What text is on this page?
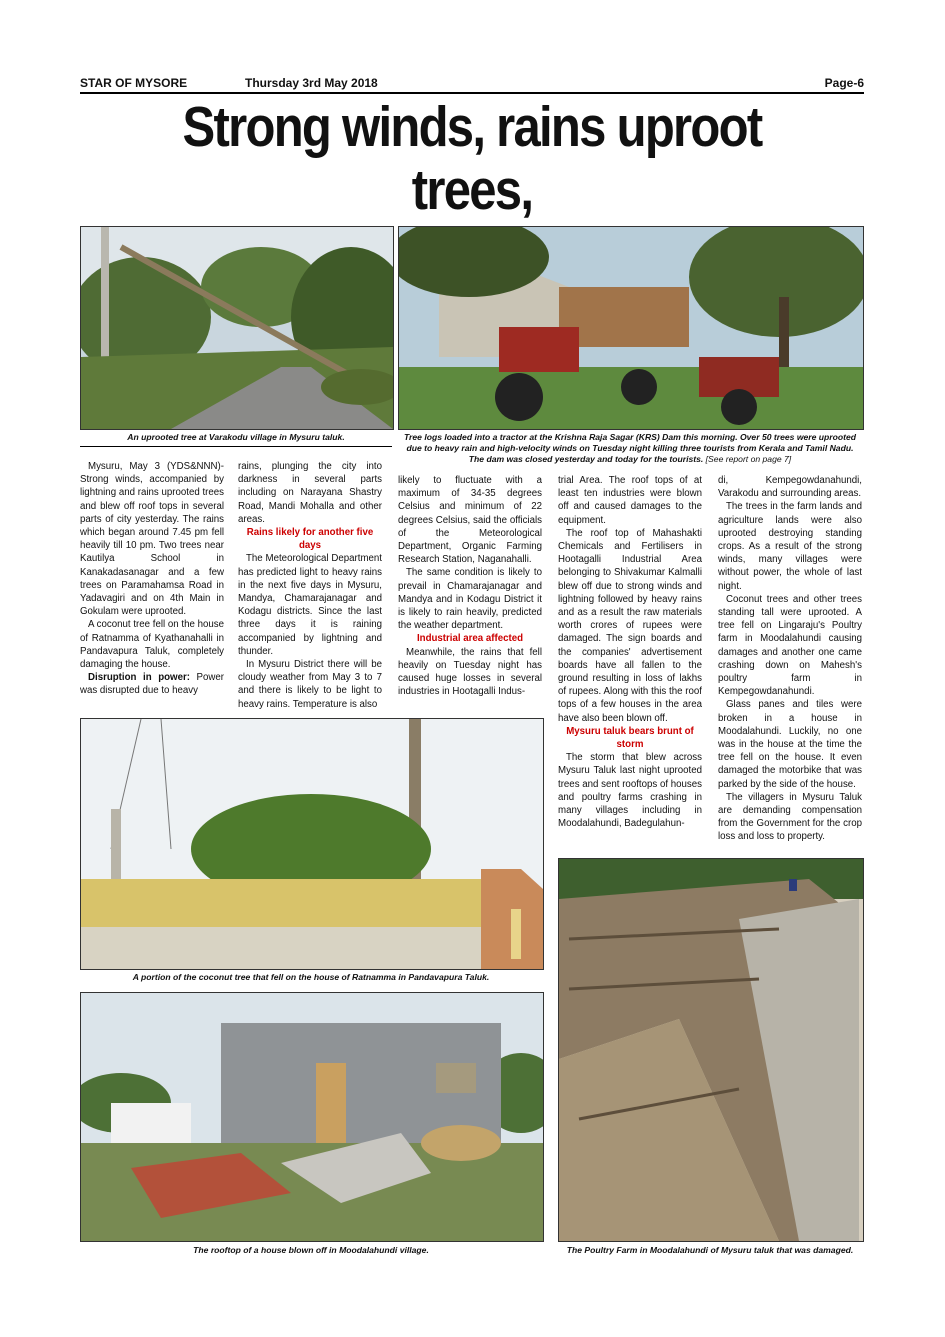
STAR OF MYSORE	Thursday 3rd May 2018	Page-6
Strong winds, rains uproot trees,
An uprooted tree at Varakodu village in Mysuru taluk.	Tree logs loaded into a tractor at the Krishna Raja Sagar (KRS) Dam this morning. Over 50 trees were uprooted due to heavy rain and high-velocity winds on Tuesday night killing three tourists from Kerala and Tamil Nadu. The dam was closed yesterday and today for the tourists. [See report on page 7]

Mysuru, May 3 (YDS&NNN)- Strong winds, accompanied by lightning and rains uprooted trees and blew off roof tops in several parts of city yesterday. The rains which began around 7.45 pm fell heavily till 10 pm. Two trees near Kautilya School in Kanakadasanagar and a few trees on Paramahamsa Road in Yadavagiri and on 4th Main in Gokulam were uprooted.

A coconut tree fell on the house of Ratnamma of Kyathanahalli in Pandavapura Taluk, completely damaging the house.

Disruption in power: Power was disrupted due to heavy

rains, plunging the city into darkness in several parts including on Narayana Shastry Road, Mandi Mohalla and other areas.

Rains likely for another five days

The Meteorological Department has predicted light to heavy rains in the next five days in Mysuru, Mandya, Chamarajanagar and Kodagu districts. Since the last three days it is raining accompanied by lightning and thunder.

In Mysuru District there will be cloudy weather from May 3 to 7 and there is likely to be light to heavy rains. Temperature is also

likely to fluctuate with a maximum of 34-35 degrees Celsius and minimum of 22 degrees Celsius, said the officials of the Meteorological Department, Organic Farming Research Station, Naganahalli.

The same condition is likely to prevail in Chamarajanagar and Mandya and in Kodagu District it is likely to rain heavily, predicted the weather department.

Industrial area affected

Meanwhile, the rains that fell heavily on Tuesday night has caused huge losses in several industries in Hootagalli Indus-

trial Area. The roof tops of at least ten industries were blown off and caused damages to the equipment.

The roof top of Mahashakti Chemicals and Fertilisers in Hootagalli Industrial Area belonging to Shivakumar Kalmalli blew off due to strong winds and lightning followed by heavy rains and as a result the raw materials worth crores of rupees were damaged. The sign boards and the companies' advertisement boards have all fallen to the ground resulting in loss of lakhs of rupees. Along with this the roof tops of a few houses in the area have also been blown off.

Mysuru taluk bears brunt of storm

The storm that blew across Mysuru Taluk last night uprooted trees and sent rooftops of houses and poultry farms crashing in many villages including in Moodalahundi, Badegulahun-

di, Kempegowdanahundi, Varakodu and surrounding areas.

The trees in the farm lands and agriculture lands were also uprooted destroying standing crops. As a result of the strong winds, many villages were without power, the whole of last night.

Coconut trees and other trees standing tall were uprooted. A tree fell on Lingaraju's Poultry farm in Moodalahundi causing damages and another one came crashing down on Mahesh's poultry farm in Kempegowdanahundi.

Glass panes and tiles were broken in a house in Moodalahundi. Luckily, no one was in the house at the time the tree fell on the house. It even damaged the motorbike that was parked by the side of the house.

The villagers in Mysuru Taluk are demanding compensation from the Government for the crop loss and loss to property.

A portion of the coconut tree that fell on the house of Ratnamma in Pandavapura Taluk.
The rooftop of a house blown off in Moodalahundi village.	The Poultry Farm in Moodalahundi of Mysuru taluk that was damaged.
